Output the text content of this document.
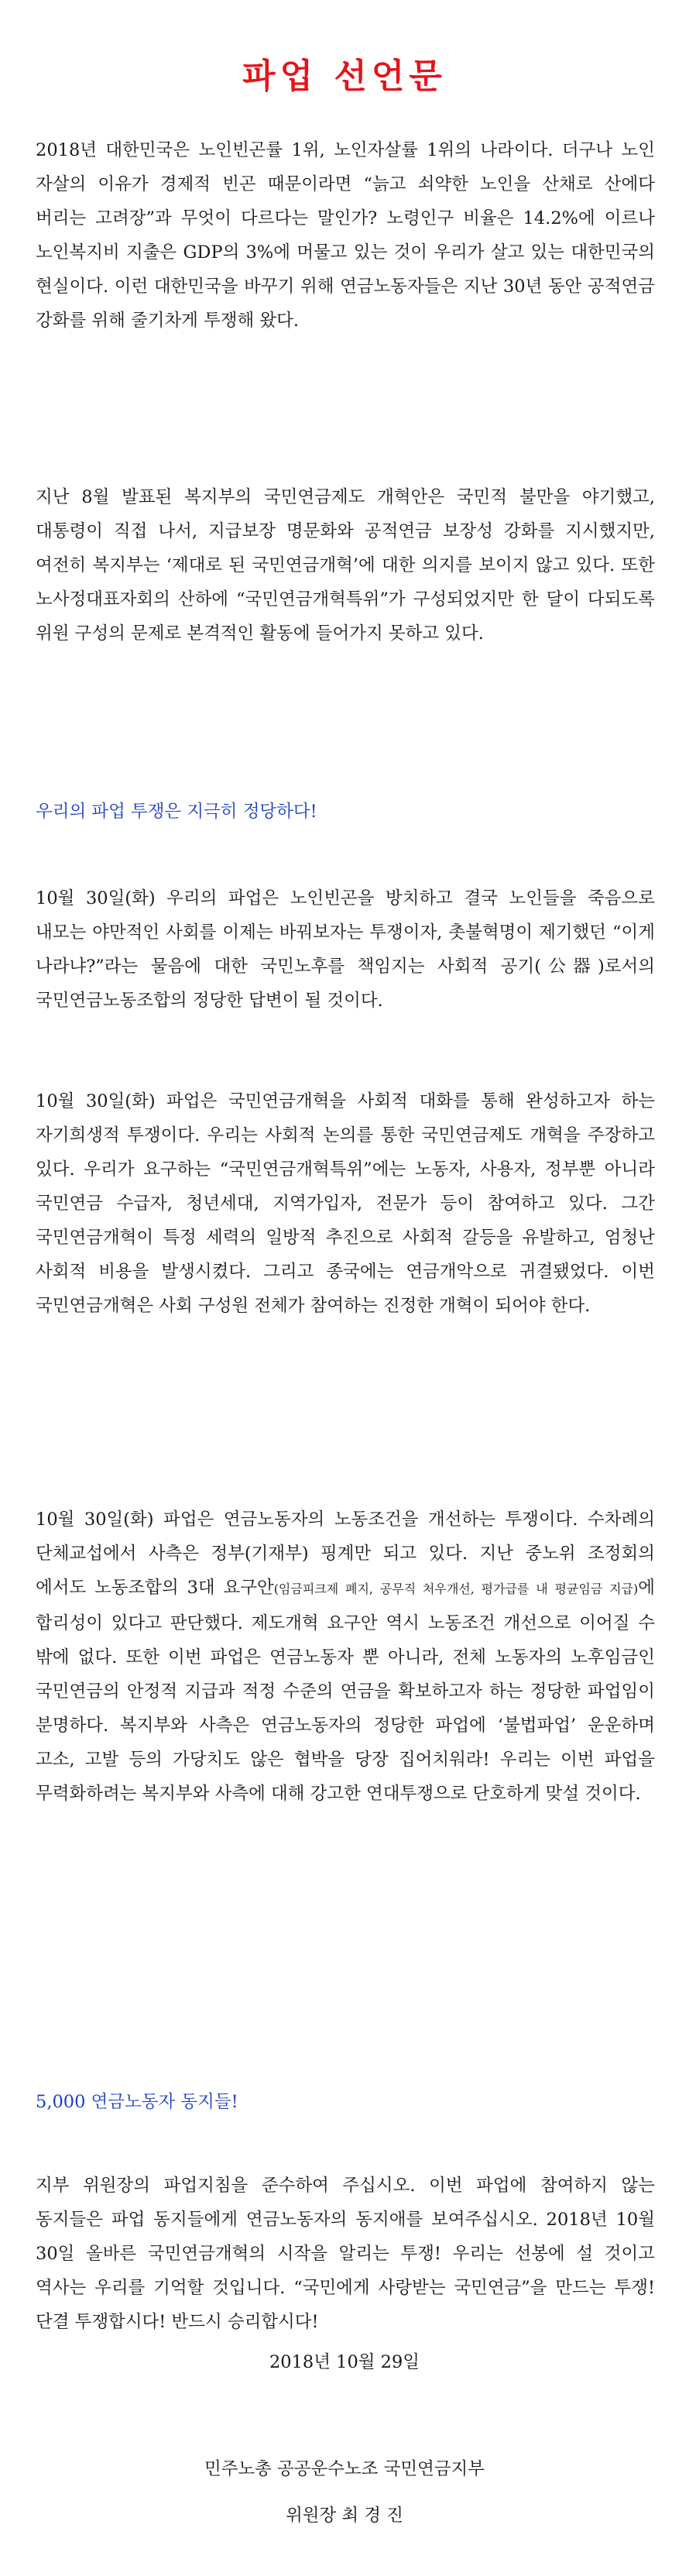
파업 선언문

2018년 대한민국은 노인빈곤률 1위, 노인자살률 1위의 나라이다. 더구나 노인 자살의 이유가 경제적 빈곤 때문이라면 “늙고 쇠약한 노인을 산채로 산에다 버리는 고려장”과 무엇이 다르다는 말인가? 노령인구 비율은 14.2%에 이르나 노인복지비 지출은 GDP의 3%에 머물고 있는 것이 우리가 살고 있는 대한민국의 현실이다. 이런 대한민국을 바꾸기 위해 연금노동자들은 지난 30년 동안 공적연금 강화를 위해 줄기차게 투쟁해 왔다.

지난 8월 발표된 복지부의 국민연금제도 개혁안은 국민적 불만을 야기했고, 대통령이 직접 나서, 지급보장 명문화와 공적연금 보장성 강화를 지시했지만, 여전히 복지부는 ‘제대로 된 국민연금개혁’에 대한 의지를 보이지 않고 있다. 또한 노사정대표자회의 산하에 “국민연금개혁특위”가 구성되었지만 한 달이 다되도록 위원 구성의 문제로 본격적인 활동에 들어가지 못하고 있다.

우리의 파업 투쟁은 지극히 정당하다!

10월 30일(화) 우리의 파업은 노인빈곤을 방치하고 결국 노인들을 죽음으로 내모는 야만적인 사회를 이제는 바꿔보자는 투쟁이자, 촛불혁명이 제기했던 “이게 나라냐?”라는 물음에 대한 국민노후를 책임지는 사회적 공기(公器)로서의 국민연금노동조합의 정당한 답변이 될 것이다.

10월 30일(화) 파업은 국민연금개혁을 사회적 대화를 통해 완성하고자 하는 자기희생적 투쟁이다. 우리는 사회적 논의를 통한 국민연금제도 개혁을 주장하고 있다. 우리가 요구하는 “국민연금개혁특위”에는 노동자, 사용자, 정부뿐 아니라 국민연금 수급자, 청년세대, 지역가입자, 전문가 등이 참여하고 있다. 그간 국민연금개혁이 특정 세력의 일방적 추진으로 사회적 갈등을 유발하고, 엄청난 사회적 비용을 발생시켰다. 그리고 종국에는 연금개악으로 귀결됐었다. 이번 국민연금개혁은 사회 구성원 전체가 참여하는 진정한 개혁이 되어야 한다.

10월 30일(화) 파업은 연금노동자의 노동조건을 개선하는 투쟁이다. 수차례의 단체교섭에서 사측은 정부(기재부) 핑계만 되고 있다. 지난 중노위 조정회의 에서도 노동조합의 3대 요구안(임금피크제 폐지, 공무직 처우개선, 평가급를 내 평균임금 지급)에 합리성이 있다고 판단했다. 제도개혁 요구안 역시 노동조건 개선으로 이어질 수 밖에 없다. 또한 이번 파업은 연금노동자 뿐 아니라, 전체 노동자의 노후임금인 국민연금의 안정적 지급과 적정 수준의 연금을 확보하고자 하는 정당한 파업임이 분명하다. 복지부와 사측은 연금노동자의 정당한 파업에 ‘불법파업’ 운운하며 고소, 고발 등의 가당치도 않은 협박을 당장 집어치워라! 우리는 이번 파업을 무력화하려는 복지부와 사측에 대해 강고한 연대투쟁으로 단호하게 맞설 것이다.

5,000 연금노동자 동지들!

지부 위원장의 파업지침을 준수하여 주십시오. 이번 파업에 참여하지 않는 동지들은 파업 동지들에게 연금노동자의 동지애를 보여주십시오. 2018년 10월 30일 올바른 국민연금개혁의 시작을 알리는 투쟁! 우리는 선봉에 설 것이고 역사는 우리를 기억할 것입니다. “국민에게 사랑받는 국민연금”을 만드는 투쟁! 단결 투쟁합시다! 반드시 승리합시다!

2018년 10월 29일

민주노총 공공운수노조 국민연금지부

위원장 최 경 진
